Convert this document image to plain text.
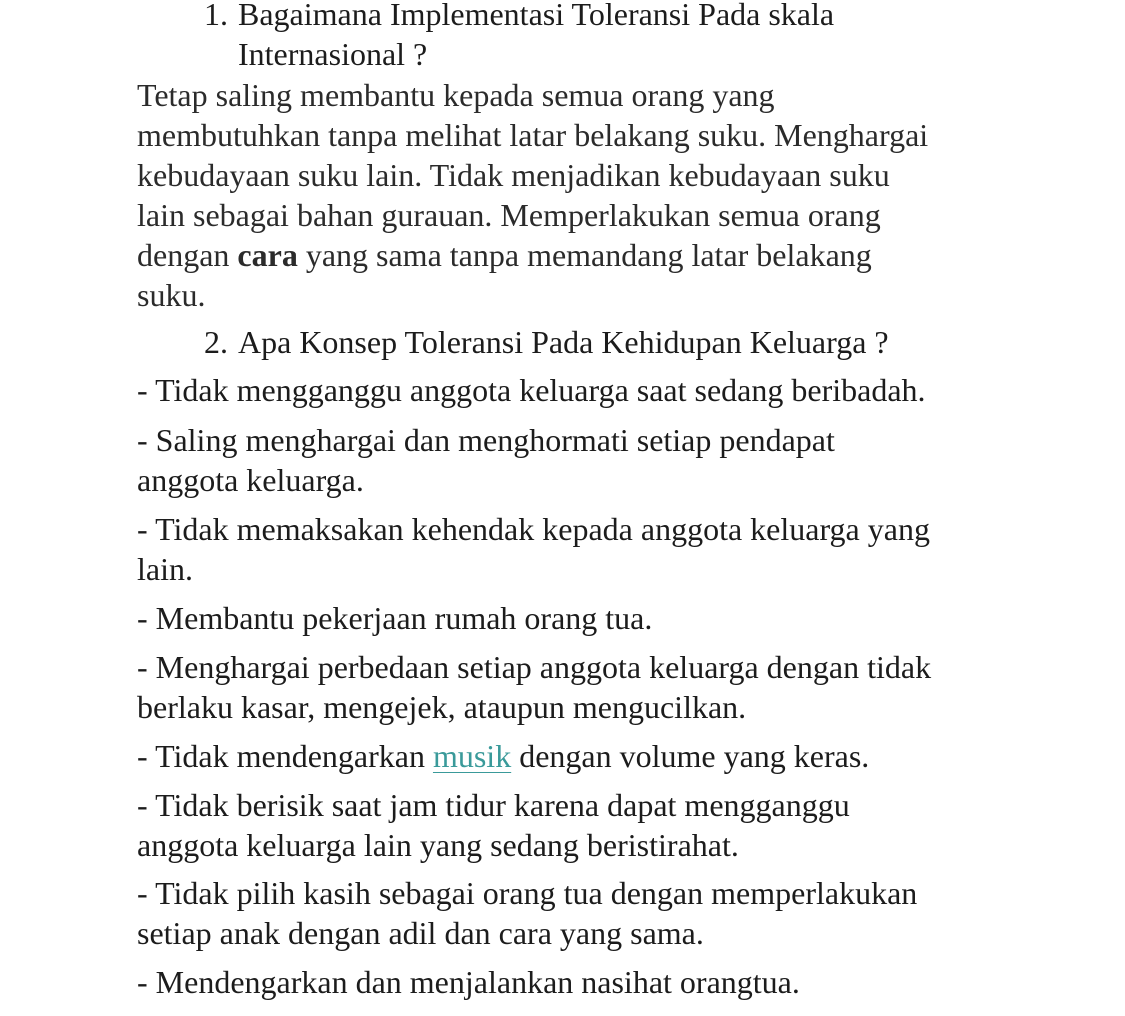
1. Bagaimana Implementasi Toleransi Pada skala
Internasional ?
Tetap saling membantu kepada semua orang yang
membutuhkan tanpa melihat latar belakang suku. Menghargai
kebudayaan suku lain. Tidak menjadikan kebudayaan suku
lain sebagai bahan gurauan. Memperlakukan semua orang
dengan cara yang sama tanpa memandang latar belakang
suku.
2. Apa Konsep Toleransi Pada Kehidupan Keluarga ?
- Tidak mengganggu anggota keluarga saat sedang beribadah.
- Saling menghargai dan menghormati setiap pendapat
anggota keluarga.
- Tidak memaksakan kehendak kepada anggota keluarga yang
lain.
- Membantu pekerjaan rumah orang tua.
- Menghargai perbedaan setiap anggota keluarga dengan tidak
berlaku kasar, mengejek, ataupun mengucilkan.
- Tidak mendengarkan musik dengan volume yang keras.
- Tidak berisik saat jam tidur karena dapat mengganggu
anggota keluarga lain yang sedang beristirahat.
- Tidak pilih kasih sebagai orang tua dengan memperlakukan
setiap anak dengan adil dan cara yang sama.
- Mendengarkan dan menjalankan nasihat orangtua.
